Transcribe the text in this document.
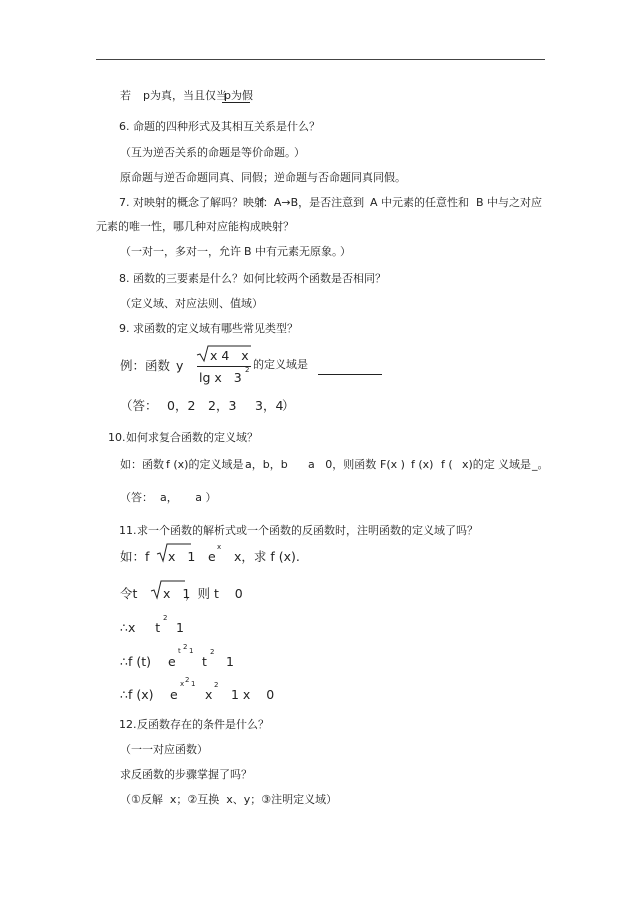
若 p为真，当且仅当
p为假
6. 命题的四种形式及其相互关系是什么？
（互为逆否关系的命题是等价命题。
）
原命题与逆否命题同真、同假；逆命题与否命题同真同假。
7. 对映射的概念了解吗？映射
f：A→B，是否注意到 A 中元素的任意性和 B 中与之对应
元素的唯一性，哪几种对应能构成映射？
（一对一，多对一，允许 B 中有元素无原象。
）
8. 函数的三要素是什么？如何比较两个函数是否相同？
（定义域、对应法则、值域）
9. 求函数的定义域有哪些常见类型？
例：函数 y
x 4   x
lg x   3 2 的定义域是
（答： 0，2 2，3 3，4
）
10. 如何求复合函数的定义域？
如：函数 f (x)的定义域是 a，b，b a   0，则函数 F(x ) f (x) f ( x)的定 义域是 _。
（答：  a，     a ）
11. 求一个函数的解析式或一个函数的反函数时，注明函数的定义域了吗？
如：f x   1 e
x
x，求 f (x).
令t x   1
，则 t    0
∴x     t
2
1
∴f (t) e
t 2 1
t
2
1
∴f (x) e
x 2 1
x
2
1 x    0
12. 反函数存在的条件是什么？
（一一对应函数）
求反函数的步骤掌握了吗？
（①反解  x；②互换  x、y；③注明定义域）
